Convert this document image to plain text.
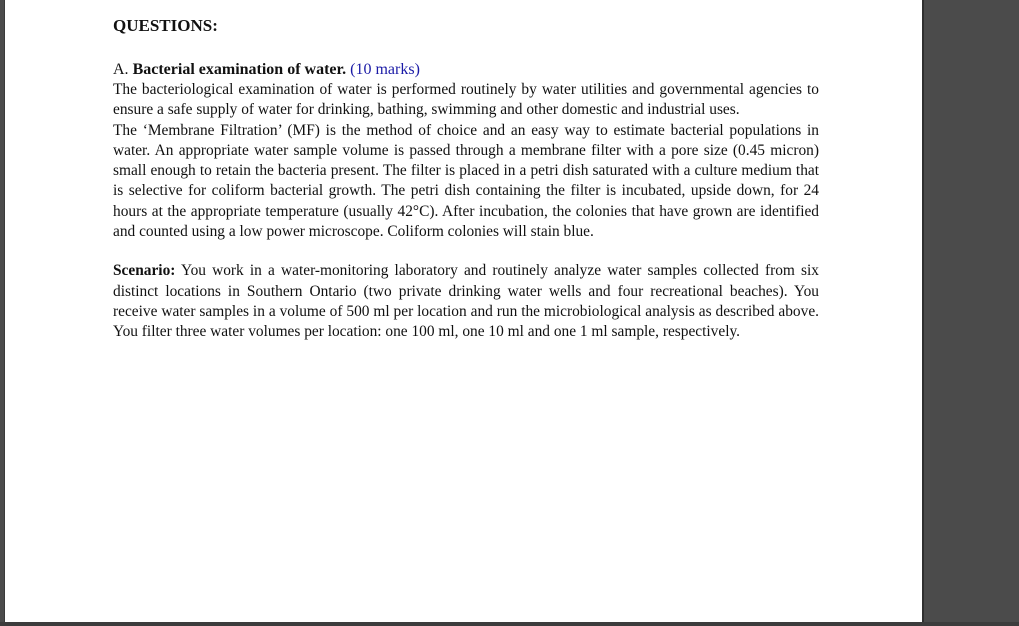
QUESTIONS:
A. Bacterial examination of water. (10 marks)

The bacteriological examination of water is performed routinely by water utilities and governmental agencies to ensure a safe supply of water for drinking, bathing, swimming and other domestic and industrial uses.

The ‘Membrane Filtration’ (MF) is the method of choice and an easy way to estimate bacterial populations in water. An appropriate water sample volume is passed through a membrane filter with a pore size (0.45 micron) small enough to retain the bacteria present. The filter is placed in a petri dish saturated with a culture medium that is selective for coliform bacterial growth. The petri dish containing the filter is incubated, upside down, for 24 hours at the appropriate temperature (usually 42°C). After incubation, the colonies that have grown are identified and counted using a low power microscope. Coliform colonies will stain blue.

Scenario: You work in a water-monitoring laboratory and routinely analyze water samples collected from six distinct locations in Southern Ontario (two private drinking water wells and four recreational beaches). You receive water samples in a volume of 500 ml per location and run the microbiological analysis as described above. You filter three water volumes per location: one 100 ml, one 10 ml and one 1 ml sample, respectively.
